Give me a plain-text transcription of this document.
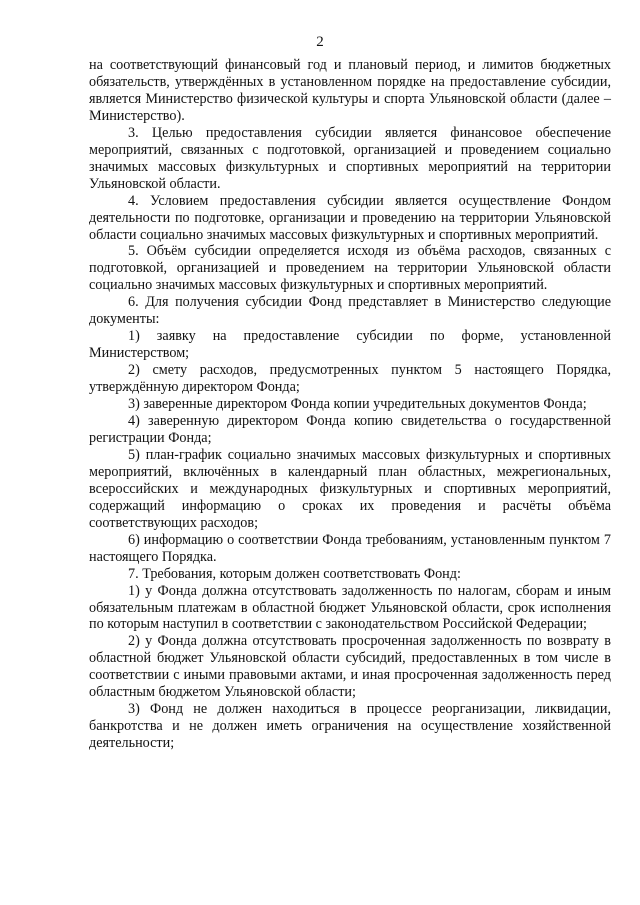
2

на соответствующий финансовый год и плановый период, и лимитов бюджетных обязательств, утверждённых в установленном порядке на предоставление субсидии, является Министерство физической культуры и спорта Ульяновской области (далее – Министерство).

3. Целью предоставления субсидии является финансовое обеспечение мероприятий, связанных с подготовкой, организацией и проведением социально значимых массовых физкультурных и спортивных мероприятий на территории Ульяновской области.

4. Условием предоставления субсидии является осуществление Фондом деятельности по подготовке, организации и проведению на территории Ульяновской области социально значимых массовых физкультурных и спортивных мероприятий.

5. Объём субсидии определяется исходя из объёма расходов, связанных с подготовкой, организацией и проведением на территории Ульяновской области социально значимых массовых физкультурных и спортивных мероприятий.

6. Для получения субсидии Фонд представляет в Министерство следующие документы:

1) заявку на предоставление субсидии по форме, установленной Министерством;

2) смету расходов, предусмотренных пунктом 5 настоящего Порядка, утверждённую директором Фонда;

3) заверенные директором Фонда копии учредительных документов Фонда;

4) заверенную директором Фонда копию свидетельства о государственной регистрации Фонда;

5) план-график социально значимых массовых физкультурных и спортивных мероприятий, включённых в календарный план областных, межрегиональных, всероссийских и международных физкультурных и спортивных мероприятий, содержащий информацию о сроках их проведения и расчёты объёма соответствующих расходов;

6) информацию о соответствии Фонда требованиям, установленным пунктом 7 настоящего Порядка.

7. Требования, которым должен соответствовать Фонд:

1) у Фонда должна отсутствовать задолженность по налогам, сборам и иным обязательным платежам в областной бюджет Ульяновской области, срок исполнения по которым наступил в соответствии с законодательством Российской Федерации;

2) у Фонда должна отсутствовать просроченная задолженность по возврату в областной бюджет Ульяновской области субсидий, предоставленных в том числе в соответствии с иными правовыми актами, и иная просроченная задолженность перед областным бюджетом Ульяновской области;

3) Фонд не должен находиться в процессе реорганизации, ликвидации, банкротства и не должен иметь ограничения на осуществление хозяйственной деятельности;
